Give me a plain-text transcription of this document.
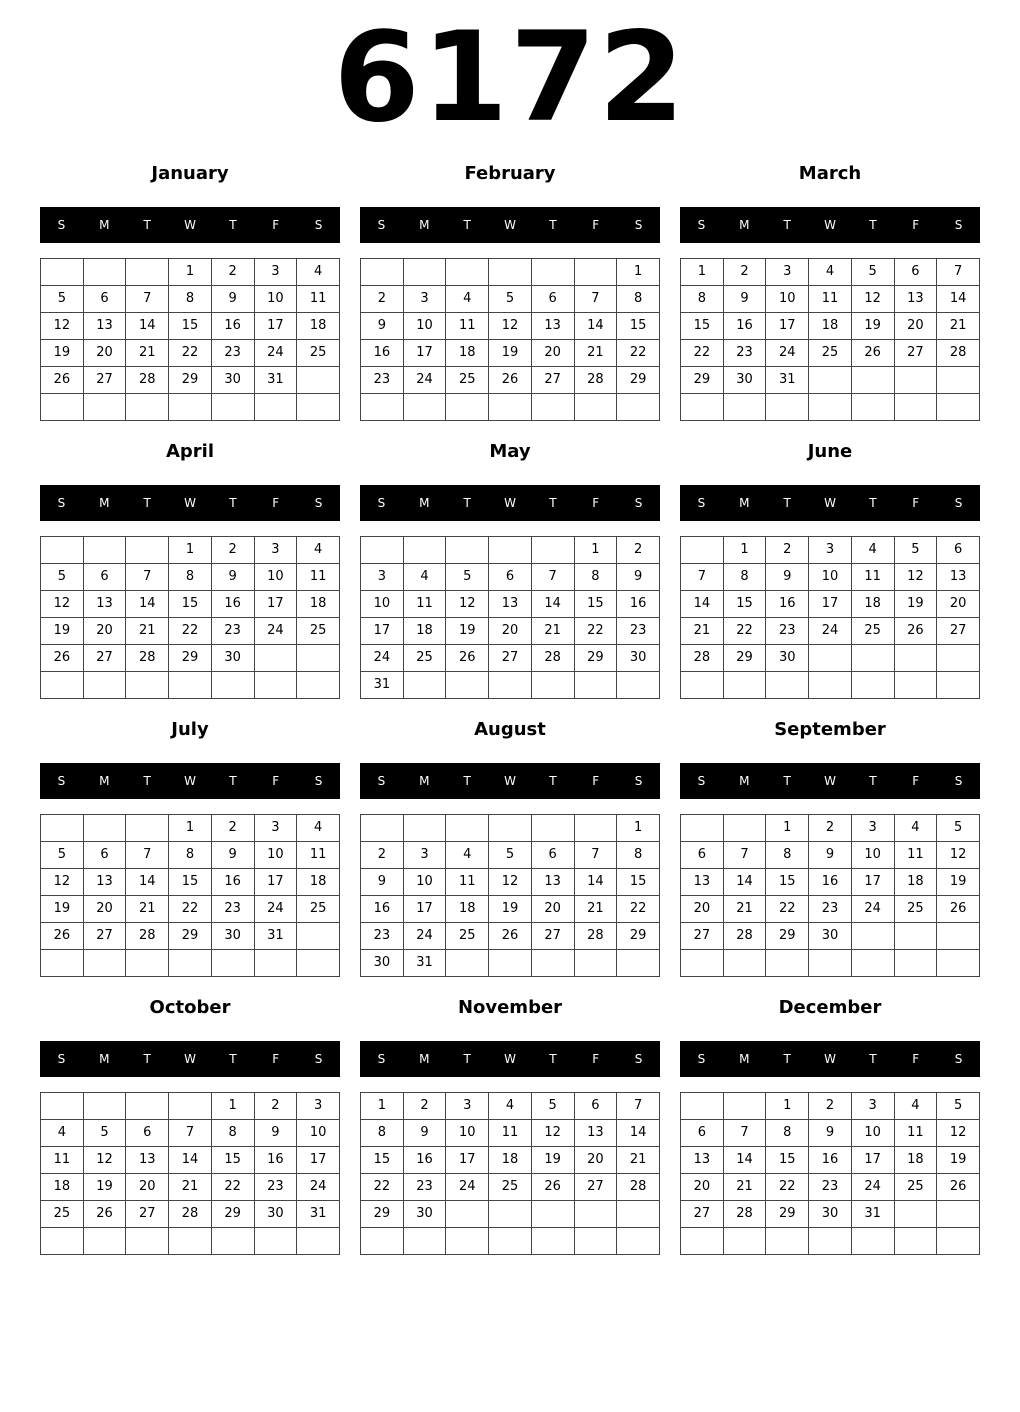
6172
January
S	M	T	W	T	F	S
			1	2	3	4
5	6	7	8	9	10	11
12	13	14	15	16	17	18
19	20	21	22	23	24	25
26	27	28	29	30	31	

February
S	M	T	W	T	F	S
						1
2	3	4	5	6	7	8
9	10	11	12	13	14	15
16	17	18	19	20	21	22
23	24	25	26	27	28	29

March
S	M	T	W	T	F	S
1	2	3	4	5	6	7
8	9	10	11	12	13	14
15	16	17	18	19	20	21
22	23	24	25	26	27	28
29	30	31				

April
S	M	T	W	T	F	S
			1	2	3	4
5	6	7	8	9	10	11
12	13	14	15	16	17	18
19	20	21	22	23	24	25
26	27	28	29	30		

May
S	M	T	W	T	F	S
					1	2
3	4	5	6	7	8	9
10	11	12	13	14	15	16
17	18	19	20	21	22	23
24	25	26	27	28	29	30
31						
June
S	M	T	W	T	F	S
	1	2	3	4	5	6
7	8	9	10	11	12	13
14	15	16	17	18	19	20
21	22	23	24	25	26	27
28	29	30				

July
S	M	T	W	T	F	S
			1	2	3	4
5	6	7	8	9	10	11
12	13	14	15	16	17	18
19	20	21	22	23	24	25
26	27	28	29	30	31	

August
S	M	T	W	T	F	S
						1
2	3	4	5	6	7	8
9	10	11	12	13	14	15
16	17	18	19	20	21	22
23	24	25	26	27	28	29
30	31					
September
S	M	T	W	T	F	S
		1	2	3	4	5
6	7	8	9	10	11	12
13	14	15	16	17	18	19
20	21	22	23	24	25	26
27	28	29	30			

October
S	M	T	W	T	F	S
				1	2	3
4	5	6	7	8	9	10
11	12	13	14	15	16	17
18	19	20	21	22	23	24
25	26	27	28	29	30	31

November
S	M	T	W	T	F	S
1	2	3	4	5	6	7
8	9	10	11	12	13	14
15	16	17	18	19	20	21
22	23	24	25	26	27	28
29	30					

December
S	M	T	W	T	F	S
		1	2	3	4	5
6	7	8	9	10	11	12
13	14	15	16	17	18	19
20	21	22	23	24	25	26
27	28	29	30	31		
